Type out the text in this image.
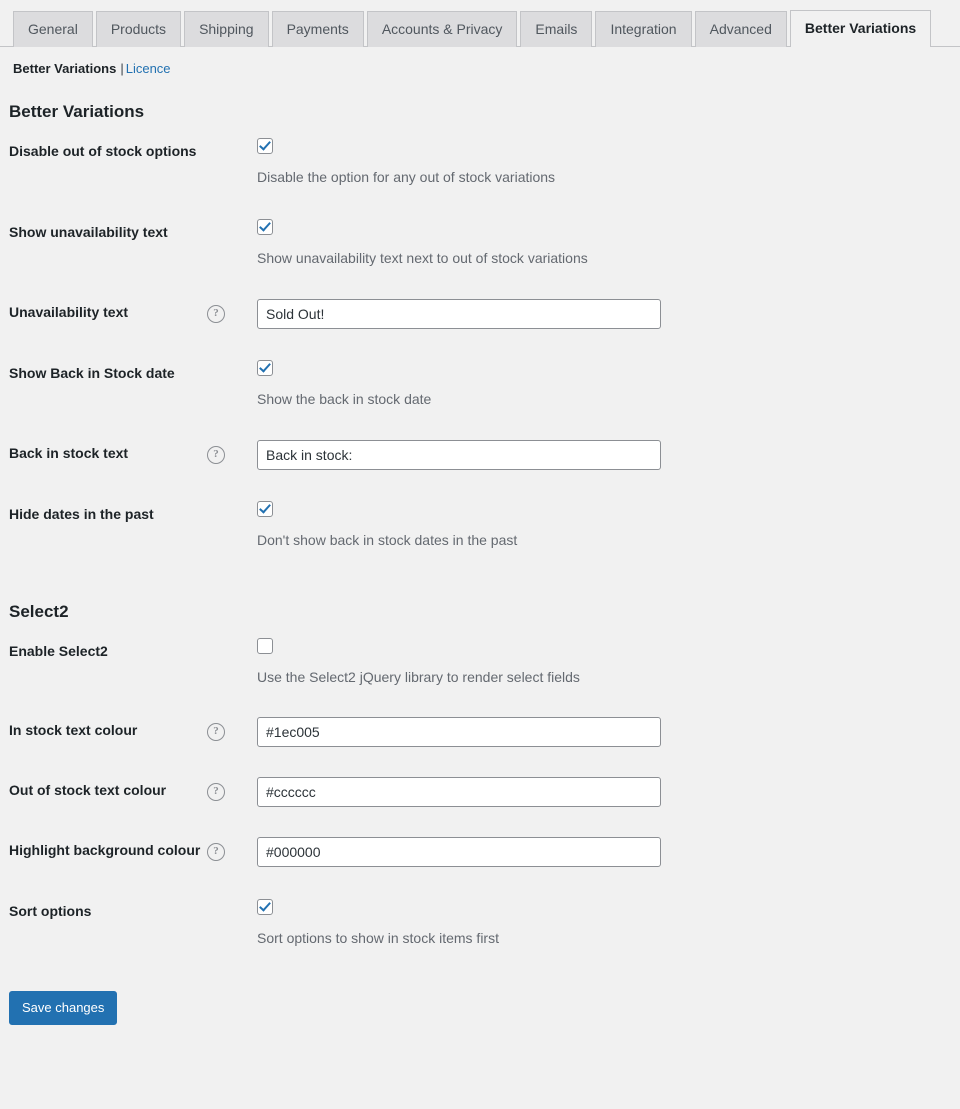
General	Products	Shipping	Payments	Accounts & Privacy	Emails	Integration	Advanced	Better Variations
Better Variations | Licence
Better Variations
Disable out of stock options	Disable the option for any out of stock variations

Show unavailability text	Show unavailability text next to out of stock variations

Unavailability text ?
	Sold Out!

Show Back in Stock date	Show the back in stock date

Back in stock text ?
	Back in stock:

Hide dates in the past	Don't show back in stock dates in the past
Select2
Enable Select2	Use the Select2 jQuery library to render select fields

In stock text colour ?
	#1ec005

Out of stock text colour ?
	#cccccc

Highlight background colour ?
	#000000

Sort options	Sort options to show in stock items first
Save changes
